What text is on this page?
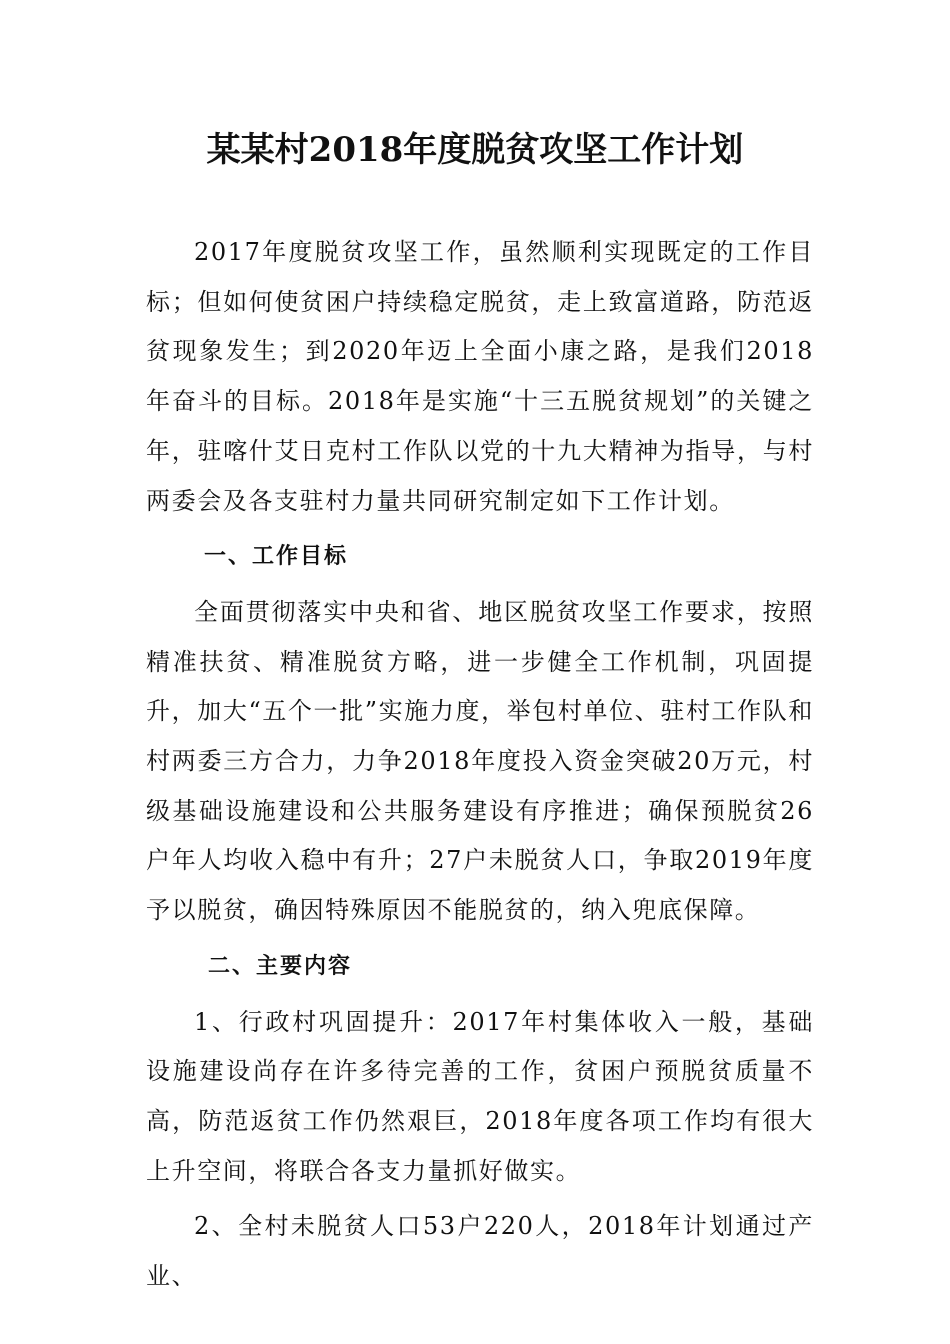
某某村2018年度脱贫攻坚工作计划

2017年度脱贫攻坚工作，虽然顺利实现既定的工作目标；但如何使贫困户持续稳定脱贫，走上致富道路，防范返贫现象发生；到2020年迈上全面小康之路，是我们2018年奋斗的目标。2018年是实施“十三五脱贫规划”的关键之年，驻喀什艾日克村工作队以党的十九大精神为指导，与村两委会及各支驻村力量共同研究制定如下工作计划。

一、工作目标

全面贯彻落实中央和省、地区脱贫攻坚工作要求，按照精准扶贫、精准脱贫方略，进一步健全工作机制，巩固提升，加大“五个一批”实施力度，举包村单位、驻村工作队和村两委三方合力，力争2018年度投入资金突破20万元，村级基础设施建设和公共服务建设有序推进；确保预脱贫26户年人均收入稳中有升；27户未脱贫人口，争取2019年度予以脱贫，确因特殊原因不能脱贫的，纳入兜底保障。

二、主要内容

1、行政村巩固提升：2017年村集体收入一般，基础设施建设尚存在许多待完善的工作，贫困户预脱贫质量不高，防范返贫工作仍然艰巨，2018年度各项工作均有很大上升空间，将联合各支力量抓好做实。

2、全村未脱贫人口53户220人，2018年计划通过产业、
